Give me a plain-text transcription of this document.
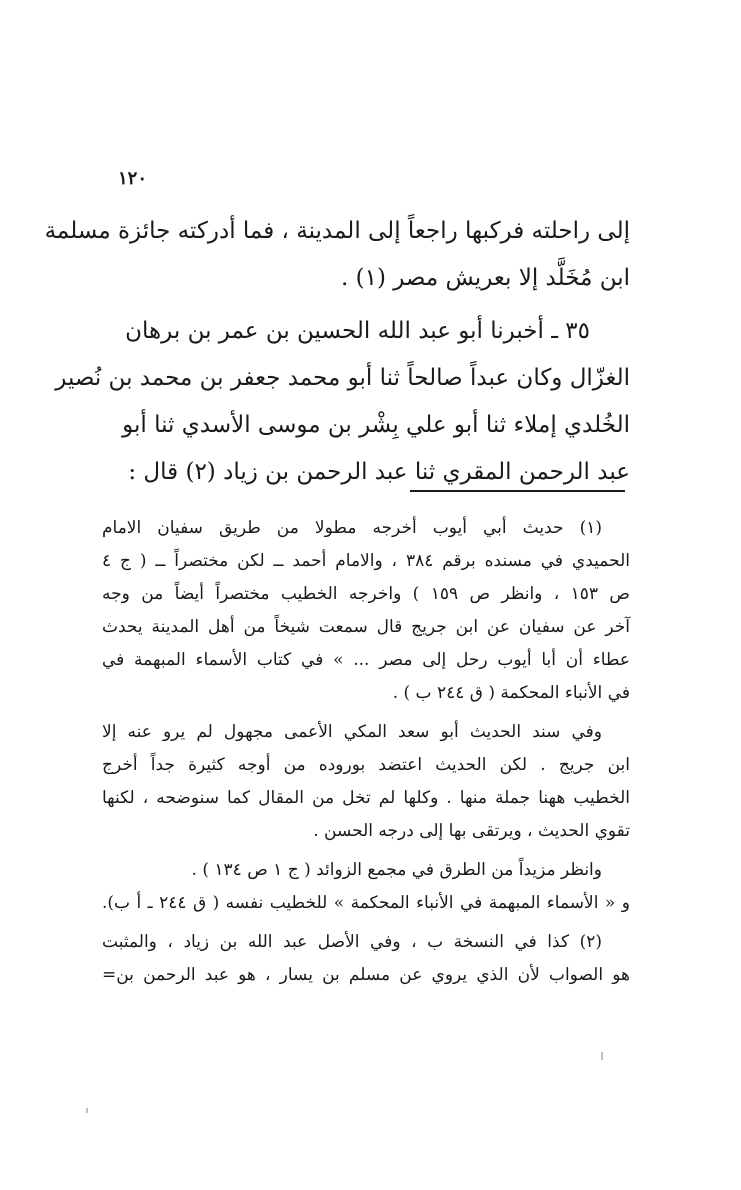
١٢٠

إلى راحلته فركبها راجعاً إلى المدينة ، فما أدركته جائزة مسلمة
ابن مُخَلَّد إلا بعريش مصر (١) .

٣٥ ـ أخبرنا أبو عبد الله الحسين بن عمر بن برهان
الغزّال وكان عبداً صالحاً ثنا أبو محمد جعفر بن محمد بن نُصير
الخُلدي إملاء ثنا أبو علي بِشْر بن موسى الأسدي ثنا أبو
عبد الرحمن المقري ثنا عبد الرحمن بن زياد (٢) قال :

(١) حديث أبي أيوب أخرجه مطولا من طريق سفيان الامام
الحميدي في مسنده برقم ٣٨٤ ، والامام أحمد ــ لكن مختصراً ــ ( ج ٤
ص ١٥٣ ، وانظر ص ١٥٩ ) واخرجه الخطيب مختصراً أيضاً من وجه
آخر عن سفيان عن ابن جريج قال سمعت شيخاً من أهل المدينة يحدث
عطاء أن أبا أيوب رحل إلى مصر ... » في كتاب الأسماء المبهمة في
في الأنباء المحكمة ( ق ٢٤٤ ب ) .

وفي سند الحديث أبو سعد المكي الأعمى مجهول لم يرو عنه إلا
ابن جريج . لكن الحديث اعتضد بوروده من أوجه كثيرة جداً أخرج
الخطيب ههنا جملة منها . وكلها لم تخل من المقال كما سنوضحه ، لكنها
تقوي الحديث ، ويرتقى بها إلى درجه الحسن .

وانظر مزيداً من الطرق في مجمع الزوائد ( ج ١ ص ١٣٤ ) .
و « الأسماء المبهمة في الأنباء المحكمة » للخطيب نفسه ( ق ٢٤٤ ـ أ ب).

(٢) كذا في النسخة ب ، وفي الأصل عبد الله بن زياد ، والمثبت
هو الصواب لأن الذي يروي عن مسلم بن يسار ، هو عبد الرحمن بن=
